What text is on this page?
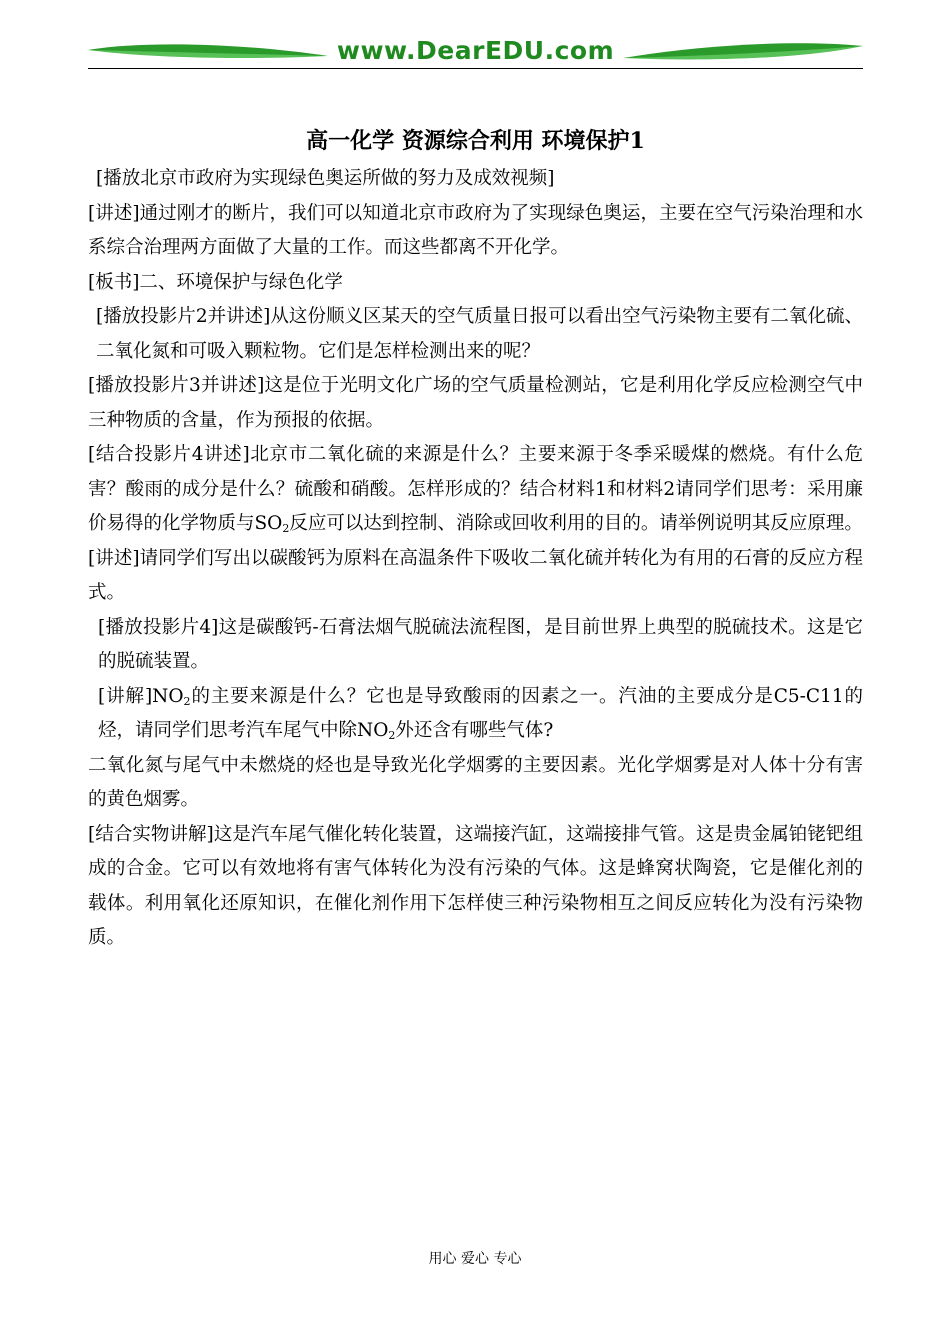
www.DearEDU.com
高一化学 资源综合利用 环境保护1

[播放北京市政府为实现绿色奥运所做的努力及成效视频]

[讲述]通过刚才的断片，我们可以知道北京市政府为了实现绿色奥运，主要在空气污染治理和水系综合治理两方面做了大量的工作。而这些都离不开化学。

[板书]二、环境保护与绿色化学

[播放投影片2并讲述]从这份顺义区某天的空气质量日报可以看出空气污染物主要有二氧化硫、二氧化氮和可吸入颗粒物。它们是怎样检测出来的呢？

[播放投影片3并讲述]这是位于光明文化广场的空气质量检测站，它是利用化学反应检测空气中三种物质的含量，作为预报的依据。

[结合投影片4讲述]北京市二氧化硫的来源是什么？主要来源于冬季采暖煤的燃烧。有什么危害？酸雨的成分是什么？硫酸和硝酸。怎样形成的？结合材料1和材料2请同学们思考：采用廉价易得的化学物质与$SO_2$反应可以达到控制、消除或回收利用的目的。请举例说明其反应原理。

[讲述]请同学们写出以碳酸钙为原料在高温条件下吸收二氧化硫并转化为有用的石膏的反应方程式。

[播放投影片4]这是碳酸钙-石膏法烟气脱硫法流程图，是目前世界上典型的脱硫技术。这是它的脱硫装置。

[讲解]$NO_2$的主要来源是什么？它也是导致酸雨的因素之一。汽油的主要成分是C5-C11的烃，请同学们思考汽车尾气中除$NO_2$外还含有哪些气体?

二氧化氮与尾气中未燃烧的烃也是导致光化学烟雾的主要因素。光化学烟雾是对人体十分有害的黄色烟雾。

[结合实物讲解]这是汽车尾气催化转化装置，这端接汽缸，这端接排气管。这是贵金属铂铑钯组成的合金。它可以有效地将有害气体转化为没有污染的气体。这是蜂窝状陶瓷，它是催化剂的载体。利用氧化还原知识，在催化剂作用下怎样使三种污染物相互之间反应转化为没有污染物质。

用心 爱心 专心
